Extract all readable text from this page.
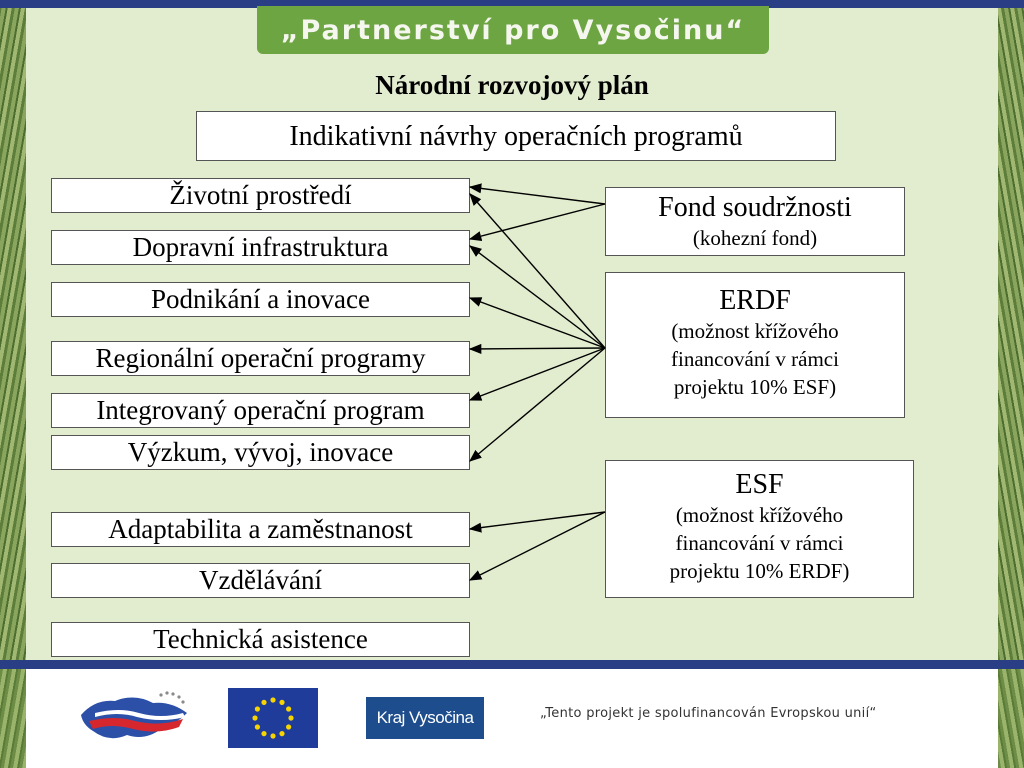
„Partnerství pro Vysočinu“
Národní rozvojový plán
Indikativní návrhy operačních programů
Životní prostředí
Dopravní infrastruktura
Podnikání a inovace
Regionální operační programy
Integrovaný operační program
Výzkum, vývoj, inovace
Adaptabilita a zaměstnanost
Vzdělávání
Technická asistence
Fond soudržnosti
(kohezní fond)
ERDF
(možnost křížového
financování v rámci
projektu 10% ESF)
ESF
(možnost křížového
financování v rámci
projektu 10% ERDF)
Kraj Vysočina	„Tento projekt je spolufinancován Evropskou unií“
